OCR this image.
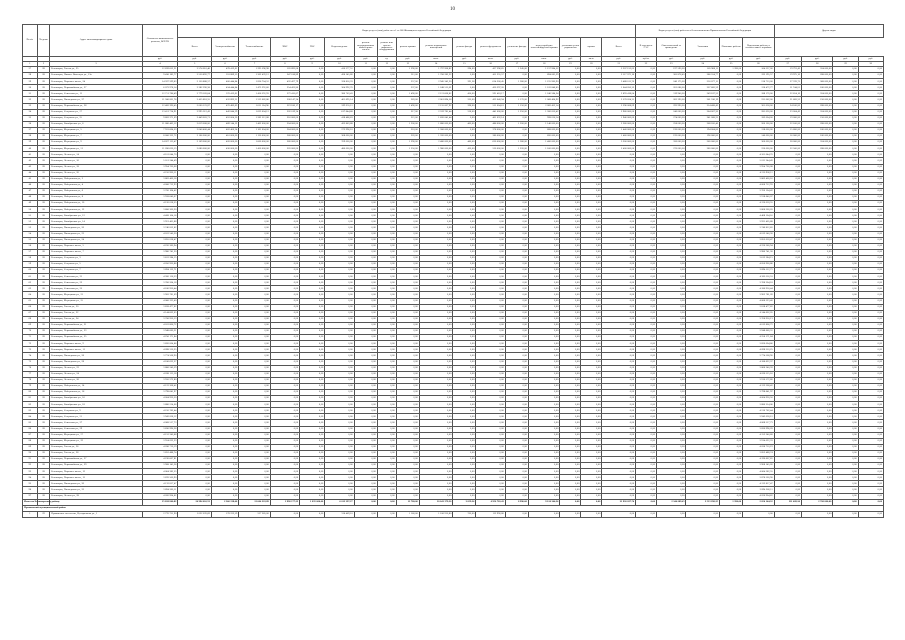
10
№ п/п	№ дома	Адрес многоквартирного дома	Стоимость капитального ремонта, ВСЕГО	Виды услуг и (или) работ по ч.1 ст.166 Жилищного кодекса Российской Федерации																	Виды услуг и (или) работ по п.8 постановления Правительства Российской Федерации					Другие виды			
				Всего	Электроснабжение	Теплоснабжение	ХВС	ГВС	Водоотведение	ремонт внутридомовых инженерных систем	ремонт или замена лифтового оборудования	ремонт крыши	ремонт подвальных помещений	ремонт фасада	ремонт фундамента	утепление фасада	переустройство невентилируемой крыши	установка узлов управления	прочие	Всего	В том числе ГЭС	Ответственный за проведение	Экономия	Плановые работы	Подготовка работы, в соответствии с нормами				
			руб.	руб.	руб.	руб.	руб.	руб.	руб.	руб.	ед.	руб.	кв.м.	руб.	кв.м.	руб.	кв.м.	руб.	кв.м.	руб.	куб.м.	руб.	руб.	руб.	руб.	руб.	руб.	руб.	руб.
1	2	3	4	5	6	7	8	9	10	11	12	13	14	15	16	17	18	19	20	21	22	23	24	25	26	27	28	29	30
27	28	Беломорск, Гоголя ул., 25	12 839 652,21	2 574 010,46	478 412,61	1 295 596,98	120 893,06	0,00	410 377,51	0,00	0,00	1 390,00	1 797 908,82	294,00	437 396,65	1 245,00	1 157 964,52	0,00	0,00	2 207 153,05	0,00	197 590,00	165 968,11	1 390,00	164 337,00	19 791,43	324 000,00	0,00	0,00
28	28	Беломорск, Нижнее Выгозеро ул., 13а	9 436 183,77	2 550 892,77	553 889,55	1 302 476,12	347 016,89	0,00	426 145,80	0,00	0,00	311,00	1 706 282,22	0,00	411 255,57	0,00	894 065,39	0,00	0,00	2 117 372,18	0,00	305 876,45	286 314,77	0,00	193 195,57	19 975,10	288 000,00	0,00	0,00
29	28	Беломорск, Портовое шоссе, 24	14 597 599,63	3 150 888,57	400 444,84	1 826 704,52	432 427,79	0,00	326 816,33	0,00	0,00	257,00	2 945 342,20	391,36	614 200,45	1 380,00	1 215 960,90	0,00	0,00	3 488 011,76	0,00	240 175,00	350 077,15	0,00	216 753,00	27 376,75	368 000,00	0,00	0,00
30	28	Беломорск, Первомайская ул., 27	6 073 978,14	2 382 390,58	434 444,84	1 473 291,60	254 422,80	0,00	304 992,70	0,00	0,00	237,00	1 248 511,62	0,00	430 397,20	0,00	1 102 848,65	0,00	0,00	1 044 050,33	0,00	201 086,00	207 682,59	0,00	126 472,77	11 744,01	180 000,00	0,00	0,00
31	28	Беломорск, Советская ул., 11	12 711 786,49	2 779 183,64	570 412,61	1 456 591,93	372 415,67	0,00	380 763,43	0,00	0,00	1 490,00	2 121 608,62	456,00	591 418,17	0,00	1 240 584,34	0,00	0,00	2 693 418,04	0,00	319 940,00	349 187,52	0,00	188 170,00	22 814,10	324 000,00	0,00	0,00
32	28	Беломорск, Пионерская ул., 37	11 586 001,76	2 455 818,55	432 893,31	1 313 082,86	308 147,24	0,00	401 695,14	0,00	0,00	283,00	2 061 894,58	320,00	433 048,94	1 170,00	1 068 404,92	0,00	0,00	2 578 024,31	0,00	263 390,00	261 536,19	0,00	231 062,00	21 683,53	216 000,00	0,00	0,00
33	28	Беломорск, Первомайская ул., 28	12 482 390,45	3 000 123,87	470 483,63	1 611 104,96	319 180,17	0,00	599 355,11	0,00	0,00	1 490,00	2 155 007,92	398,00	511 004,61	1 150,00	2 082 452,14	0,00	0,00	2 396 008,09	0,00	292 990,00	214 408,43	0,00	301 058,00	24 160,00	288 000,00	0,00	0,00
34	28	Беломорск, Солунина ул., 17	13 411 714,91	2 995 512,43	442 844,39	1 633 004,12	302 019,24	0,00	617 644,68	0,00	0,00	317,00	2 319 781,44	318,00	441 000,00	1 250,00	1 300 050,42	0,00	0,00	2 980 000,00	0,00	240 000,00	264 007,20	0,00	281 030,00	23 004,42	324 000,00	0,00	0,00
35	28	Беломорск, Солунина ул., 15	9 802 371,09	2 449 003,71	452 004,20	1 262 512,88	316 000,00	0,00	418 486,63	0,00	0,00	321,00	1 620 041,44	0,00	401 032,14	0,00	928 016,14	0,00	0,00	1 946 000,00	0,00	274 000,00	241 008,25	0,00	182 004,00	19 000,00	216 000,00	0,00	0,00
36	28	Беломорск, Октябрьская ул., 6	11 080 463,12	2 619 008,00	489 144,12	1 402 000,00	304 000,00	0,00	423 863,88	0,00	0,00	1 200,00	1 880 000,00	400,00	486 000,00	1 200,00	1 146 000,00	0,00	0,00	2 280 000,00	0,00	258 000,00	268 010,40	0,00	200 100,00	22 160,00	288 000,00	0,00	0,00
37	28	Беломорск, Мерецкова ул., 5	7 913 604,53	2 040 400,44	402 400,34	1 101 004,00	264 000,00	0,00	272 996,10	0,00	0,00	218,00	1 306 000,00	0,00	378 000,00	0,00	808 000,00	0,00	0,00	1 440 000,00	0,00	190 000,00	194 004,00	0,00	138 000,00	15 800,00	180 000,00	0,00	0,00
38	28	Беломорск, Мерецкова ул., 7	8 006 332,72	2 106 000,00	410 000,00	1 120 000,00	268 000,00	0,00	308 000,00	0,00	0,00	220,00	1 320 000,00	0,00	380 000,00	0,00	820 000,00	0,00	0,00	1 460 000,00	0,00	192 000,00	196 000,00	0,00	140 000,00	16 000,00	180 000,00	0,00	0,00
39	28	Беломорск, Мерецкова ул., 9	14 027 115,47	3 109 000,00	420 000,00	1 600 000,00	380 000,00	0,00	709 000,00	0,00	0,00	1 390,00	2 480 000,00	460,00	620 000,00	1 380,00	1 400 000,00	0,00	0,00	3 200 000,00	0,00	320 000,00	360 000,00	0,00	300 000,00	28 000,00	324 000,00	0,00	0,00
40	28	Беломорск, Мерецкова ул., 11	11 280 620,15	2 680 000,00	430 000,00	1 450 000,00	320 000,00	0,00	480 000,00	0,00	0,00	1 250,00	1 980 000,00	420,00	520 000,00	1 220,00	1 160 000,00	0,00	0,00	2 400 000,00	0,00	270 000,00	280 000,00	0,00	220 000,00	22 500,00	288 000,00	0,00	0,00
41	28	Беломорск, Лесная ул., 14	4 101 044,70	0,00	0,00	0,00	0,00	0,00	0,00	0,00	0,00	0,00	0,00	0,00	0,00	0,00	0,00	0,00	0,00	0,00	0,00	0,00	0,00	0,00	4 101 044,70	0,00	0,00	0,00	0,00
42	28	Беломорск, Лесная ул., 16	5 011 244,49	0,00	0,00	0,00	0,00	0,00	0,00	0,00	0,00	0,00	0,00	0,00	0,00	0,00	0,00	0,00	0,00	0,00	0,00	0,00	0,00	0,00	5 011 244,49	0,00	0,00	0,00	0,00
43	28	Беломорск, Лесная ул., 18	3 954 700,08	0,00	0,00	0,00	0,00	0,00	0,00	0,00	0,00	0,00	0,00	0,00	0,00	0,00	0,00	0,00	0,00	0,00	0,00	0,00	0,00	0,00	3 954 700,08	0,00	0,00	0,00	0,00
44	28	Беломорск, Лесная ул., 20	4 210 900,11	0,00	0,00	0,00	0,00	0,00	0,00	0,00	0,00	0,00	0,00	0,00	0,00	0,00	0,00	0,00	0,00	0,00	0,00	0,00	0,00	0,00	4 210 900,11	0,00	0,00	0,00	0,00
45	28	Беломорск, Набережная ул., 2	3 862 400,16	0,00	0,00	0,00	0,00	0,00	0,00	0,00	0,00	0,00	0,00	0,00	0,00	0,00	0,00	0,00	0,00	0,00	0,00	0,00	0,00	0,00	3 862 400,16	0,00	0,00	0,00	0,00
46	28	Беломорск, Набережная ул., 4	4 006 712,93	0,00	0,00	0,00	0,00	0,00	0,00	0,00	0,00	0,00	0,00	0,00	0,00	0,00	0,00	0,00	0,00	0,00	0,00	0,00	0,00	0,00	4 006 712,93	0,00	0,00	0,00	0,00
47	28	Беломорск, Набережная ул., 6	3 700 104,42	0,00	0,00	0,00	0,00	0,00	0,00	0,00	0,00	0,00	0,00	0,00	0,00	0,00	0,00	0,00	0,00	0,00	0,00	0,00	0,00	0,00	3 700 104,42	0,00	0,00	0,00	0,00
48	28	Беломорск, Набережная ул., 8	3 918 640,07	0,00	0,00	0,00	0,00	0,00	0,00	0,00	0,00	0,00	0,00	0,00	0,00	0,00	0,00	0,00	0,00	0,00	0,00	0,00	0,00	0,00	3 918 640,07	0,00	0,00	0,00	0,00
49	28	Беломорск, Набережная ул., 10	4 120 018,55	0,00	0,00	0,00	0,00	0,00	0,00	0,00	0,00	0,00	0,00	0,00	0,00	0,00	0,00	0,00	0,00	0,00	0,00	0,00	0,00	0,00	4 120 018,55	0,00	0,00	0,00	0,00
50	28	Беломорск, Набережная ул., 12	3 806 300,20	0,00	0,00	0,00	0,00	0,00	0,00	0,00	0,00	0,00	0,00	0,00	0,00	0,00	0,00	0,00	0,00	0,00	0,00	0,00	0,00	0,00	3 806 300,20	0,00	0,00	0,00	0,00
51	28	Беломорск, Октябрьская ул., 12	4 408 104,16	0,00	0,00	0,00	0,00	0,00	0,00	0,00	0,00	0,00	0,00	0,00	0,00	0,00	0,00	0,00	0,00	0,00	0,00	0,00	0,00	0,00	4 408 104,16	0,00	0,00	0,00	0,00
52	28	Беломорск, Октябрьская ул., 14	3 921 405,88	0,00	0,00	0,00	0,00	0,00	0,00	0,00	0,00	0,00	0,00	0,00	0,00	0,00	0,00	0,00	0,00	0,00	0,00	0,00	0,00	0,00	3 921 405,88	0,00	0,00	0,00	0,00
53	28	Беломорск, Пионерская ул., 20	3 740 812,62	0,00	0,00	0,00	0,00	0,00	0,00	0,00	0,00	0,00	0,00	0,00	0,00	0,00	0,00	0,00	0,00	0,00	0,00	0,00	0,00	0,00	3 740 812,62	0,00	0,00	0,00	0,00
54	28	Беломорск, Пионерская ул., 22	4 012 540,30	0,00	0,00	0,00	0,00	0,00	0,00	0,00	0,00	0,00	0,00	0,00	0,00	0,00	0,00	0,00	0,00	0,00	0,00	0,00	0,00	0,00	4 012 540,30	0,00	0,00	0,00	0,00
55	28	Беломорск, Пионерская ул., 24	3 855 018,47	0,00	0,00	0,00	0,00	0,00	0,00	0,00	0,00	0,00	0,00	0,00	0,00	0,00	0,00	0,00	0,00	0,00	0,00	0,00	0,00	0,00	3 855 018,47	0,00	0,00	0,00	0,00
56	28	Беломорск, Портовое шоссе, 5	4 220 360,94	0,00	0,00	0,00	0,00	0,00	0,00	0,00	0,00	0,00	0,00	0,00	0,00	0,00	0,00	0,00	0,00	0,00	0,00	0,00	0,00	0,00	4 220 360,94	0,00	0,00	0,00	0,00
57	28	Беломорск, Портовое шоссе, 7	3 980 741,30	0,00	0,00	0,00	0,00	0,00	0,00	0,00	0,00	0,00	0,00	0,00	0,00	0,00	0,00	0,00	0,00	0,00	0,00	0,00	0,00	0,00	3 980 741,30	0,00	0,00	0,00	0,00
58	28	Беломорск, Солунина ул., 3	3 612 284,15	0,00	0,00	0,00	0,00	0,00	0,00	0,00	0,00	0,00	0,00	0,00	0,00	0,00	0,00	0,00	0,00	0,00	0,00	0,00	0,00	0,00	3 612 284,15	0,00	0,00	0,00	0,00
59	28	Беломорск, Солунина ул., 5	4 050 900,86	0,00	0,00	0,00	0,00	0,00	0,00	0,00	0,00	0,00	0,00	0,00	0,00	0,00	0,00	0,00	0,00	0,00	0,00	0,00	0,00	0,00	4 050 900,86	0,00	0,00	0,00	0,00
60	28	Беломорск, Солунина ул., 7	3 894 112,71	0,00	0,00	0,00	0,00	0,00	0,00	0,00	0,00	0,00	0,00	0,00	0,00	0,00	0,00	0,00	0,00	0,00	0,00	0,00	0,00	0,00	3 894 112,71	0,00	0,00	0,00	0,00
61	28	Беломорск, Советская ул., 21	4 300 116,53	0,00	0,00	0,00	0,00	0,00	0,00	0,00	0,00	0,00	0,00	0,00	0,00	0,00	0,00	0,00	0,00	0,00	0,00	0,00	0,00	0,00	4 300 116,53	0,00	0,00	0,00	0,00
62	28	Беломорск, Советская ул., 23	3 766 204,18	0,00	0,00	0,00	0,00	0,00	0,00	0,00	0,00	0,00	0,00	0,00	0,00	0,00	0,00	0,00	0,00	0,00	0,00	0,00	0,00	0,00	3 766 204,18	0,00	0,00	0,00	0,00
63	28	Беломорск, Советская ул., 25	4 180 950,44	0,00	0,00	0,00	0,00	0,00	0,00	0,00	0,00	0,00	0,00	0,00	0,00	0,00	0,00	0,00	0,00	0,00	0,00	0,00	0,00	0,00	4 180 950,44	0,00	0,00	0,00	0,00
64	28	Беломорск, Мерецкова ул., 13	3 902 781,09	0,00	0,00	0,00	0,00	0,00	0,00	0,00	0,00	0,00	0,00	0,00	0,00	0,00	0,00	0,00	0,00	0,00	0,00	0,00	0,00	0,00	3 902 781,09	0,00	0,00	0,00	0,00
65	28	Беломорск, Мерецкова ул., 15	4 066 323,40	0,00	0,00	0,00	0,00	0,00	0,00	0,00	0,00	0,00	0,00	0,00	0,00	0,00	0,00	0,00	0,00	0,00	0,00	0,00	0,00	0,00	4 066 323,40	0,00	0,00	0,00	0,00
66	28	Беломорск, Гоголя ул., 30	3 818 477,62	0,00	0,00	0,00	0,00	0,00	0,00	0,00	0,00	0,00	0,00	0,00	0,00	0,00	0,00	0,00	0,00	0,00	0,00	0,00	0,00	0,00	3 818 477,62	0,00	0,00	0,00	0,00
67	28	Беломорск, Гоголя ул., 32	4 144 602,05	0,00	0,00	0,00	0,00	0,00	0,00	0,00	0,00	0,00	0,00	0,00	0,00	0,00	0,00	0,00	0,00	0,00	0,00	0,00	0,00	0,00	4 144 602,05	0,00	0,00	0,00	0,00
68	28	Беломорск, Гоголя ул., 34	3 706 950,13	0,00	0,00	0,00	0,00	0,00	0,00	0,00	0,00	0,00	0,00	0,00	0,00	0,00	0,00	0,00	0,00	0,00	0,00	0,00	0,00	0,00	3 706 950,13	0,00	0,00	0,00	0,00
69	28	Беломорск, Первомайская ул., 31	4 012 806,72	0,00	0,00	0,00	0,00	0,00	0,00	0,00	0,00	0,00	0,00	0,00	0,00	0,00	0,00	0,00	0,00	0,00	0,00	0,00	0,00	0,00	4 012 806,72	0,00	0,00	0,00	0,00
70	28	Беломорск, Первомайская ул., 33	3 948 660,31	0,00	0,00	0,00	0,00	0,00	0,00	0,00	0,00	0,00	0,00	0,00	0,00	0,00	0,00	0,00	0,00	0,00	0,00	0,00	0,00	0,00	3 948 660,31	0,00	0,00	0,00	0,00
71	28	Беломорск, Первомайская ул., 35	4 256 171,84	0,00	0,00	0,00	0,00	0,00	0,00	0,00	0,00	0,00	0,00	0,00	0,00	0,00	0,00	0,00	0,00	0,00	0,00	0,00	0,00	0,00	4 256 171,84	0,00	0,00	0,00	0,00
72	28	Беломорск, Портовое шоссе, 9	3 820 004,66	0,00	0,00	0,00	0,00	0,00	0,00	0,00	0,00	0,00	0,00	0,00	0,00	0,00	0,00	0,00	0,00	0,00	0,00	0,00	0,00	0,00	3 820 004,66	0,00	0,00	0,00	0,00
73	28	Беломорск, Портовое шоссе, 11	4 098 310,25	0,00	0,00	0,00	0,00	0,00	0,00	0,00	0,00	0,00	0,00	0,00	0,00	0,00	0,00	0,00	0,00	0,00	0,00	0,00	0,00	0,00	4 098 310,25	0,00	0,00	0,00	0,00
74	28	Беломорск, Пионерская ул., 26	3 774 508,90	0,00	0,00	0,00	0,00	0,00	0,00	0,00	0,00	0,00	0,00	0,00	0,00	0,00	0,00	0,00	0,00	0,00	0,00	0,00	0,00	0,00	3 774 508,90	0,00	0,00	0,00	0,00
75	28	Беломорск, Пионерская ул., 28	4 186 622,37	0,00	0,00	0,00	0,00	0,00	0,00	0,00	0,00	0,00	0,00	0,00	0,00	0,00	0,00	0,00	0,00	0,00	0,00	0,00	0,00	0,00	4 186 622,37	0,00	0,00	0,00	0,00
76	28	Беломорск, Лесная ул., 22	3 866 240,59	0,00	0,00	0,00	0,00	0,00	0,00	0,00	0,00	0,00	0,00	0,00	0,00	0,00	0,00	0,00	0,00	0,00	0,00	0,00	0,00	0,00	3 866 240,59	0,00	0,00	0,00	0,00
77	28	Беломорск, Лесная ул., 24	4 038 115,16	0,00	0,00	0,00	0,00	0,00	0,00	0,00	0,00	0,00	0,00	0,00	0,00	0,00	0,00	0,00	0,00	0,00	0,00	0,00	0,00	0,00	4 038 115,16	0,00	0,00	0,00	0,00
78	28	Беломорск, Лесная ул., 26	3 910 572,80	0,00	0,00	0,00	0,00	0,00	0,00	0,00	0,00	0,00	0,00	0,00	0,00	0,00	0,00	0,00	0,00	0,00	0,00	0,00	0,00	0,00	3 910 572,80	0,00	0,00	0,00	0,00
79	28	Беломорск, Набережная ул., 14	4 122 308,42	0,00	0,00	0,00	0,00	0,00	0,00	0,00	0,00	0,00	0,00	0,00	0,00	0,00	0,00	0,00	0,00	0,00	0,00	0,00	0,00	0,00	4 122 308,42	0,00	0,00	0,00	0,00
80	28	Беломорск, Набережная ул., 16	3 798 641,97	0,00	0,00	0,00	0,00	0,00	0,00	0,00	0,00	0,00	0,00	0,00	0,00	0,00	0,00	0,00	0,00	0,00	0,00	0,00	0,00	0,00	3 798 641,97	0,00	0,00	0,00	0,00
81	28	Беломорск, Октябрьская ул., 16	4 004 930,50	0,00	0,00	0,00	0,00	0,00	0,00	0,00	0,00	0,00	0,00	0,00	0,00	0,00	0,00	0,00	0,00	0,00	0,00	0,00	0,00	0,00	4 004 930,50	0,00	0,00	0,00	0,00
82	28	Беломорск, Октябрьская ул., 18	3 880 214,06	0,00	0,00	0,00	0,00	0,00	0,00	0,00	0,00	0,00	0,00	0,00	0,00	0,00	0,00	0,00	0,00	0,00	0,00	0,00	0,00	0,00	3 880 214,06	0,00	0,00	0,00	0,00
83	28	Беломорск, Солунина ул., 9	4 210 762,44	0,00	0,00	0,00	0,00	0,00	0,00	0,00	0,00	0,00	0,00	0,00	0,00	0,00	0,00	0,00	0,00	0,00	0,00	0,00	0,00	0,00	4 210 762,44	0,00	0,00	0,00	0,00
84	28	Беломорск, Солунина ул., 11	3 942 038,12	0,00	0,00	0,00	0,00	0,00	0,00	0,00	0,00	0,00	0,00	0,00	0,00	0,00	0,00	0,00	0,00	0,00	0,00	0,00	0,00	0,00	3 942 038,12	0,00	0,00	0,00	0,00
85	28	Беломорск, Советская ул., 27	4 068 517,73	0,00	0,00	0,00	0,00	0,00	0,00	0,00	0,00	0,00	0,00	0,00	0,00	0,00	0,00	0,00	0,00	0,00	0,00	0,00	0,00	0,00	4 068 517,73	0,00	0,00	0,00	0,00
86	28	Беломорск, Советская ул., 29	3 830 996,28	0,00	0,00	0,00	0,00	0,00	0,00	0,00	0,00	0,00	0,00	0,00	0,00	0,00	0,00	0,00	0,00	0,00	0,00	0,00	0,00	0,00	3 830 996,28	0,00	0,00	0,00	0,00
87	28	Беломорск, Мерецкова ул., 17	4 152 340,68	0,00	0,00	0,00	0,00	0,00	0,00	0,00	0,00	0,00	0,00	0,00	0,00	0,00	0,00	0,00	0,00	0,00	0,00	0,00	0,00	0,00	4 152 340,68	0,00	0,00	0,00	0,00
88	28	Беломорск, Мерецкова ул., 19	3 914 022,33	0,00	0,00	0,00	0,00	0,00	0,00	0,00	0,00	0,00	0,00	0,00	0,00	0,00	0,00	0,00	0,00	0,00	0,00	0,00	0,00	0,00	3 914 022,33	0,00	0,00	0,00	0,00
89	28	Беломорск, Гоголя ул., 36	4 036 710,19	0,00	0,00	0,00	0,00	0,00	0,00	0,00	0,00	0,00	0,00	0,00	0,00	0,00	0,00	0,00	0,00	0,00	0,00	0,00	0,00	0,00	4 036 710,19	0,00	0,00	0,00	0,00
90	28	Беломорск, Гоголя ул., 38	3 852 488,74	0,00	0,00	0,00	0,00	0,00	0,00	0,00	0,00	0,00	0,00	0,00	0,00	0,00	0,00	0,00	0,00	0,00	0,00	0,00	0,00	0,00	3 852 488,74	0,00	0,00	0,00	0,00
91	28	Беломорск, Первомайская ул., 37	4 190 607,81	0,00	0,00	0,00	0,00	0,00	0,00	0,00	0,00	0,00	0,00	0,00	0,00	0,00	0,00	0,00	0,00	0,00	0,00	0,00	0,00	0,00	4 190 607,81	0,00	0,00	0,00	0,00
92	28	Беломорск, Первомайская ул., 39	3 908 145,26	0,00	0,00	0,00	0,00	0,00	0,00	0,00	0,00	0,00	0,00	0,00	0,00	0,00	0,00	0,00	0,00	0,00	0,00	0,00	0,00	0,00	3 908 145,26	0,00	0,00	0,00	0,00
93	28	Беломорск, Портовое шоссе, 13	4 064 382,55	0,00	0,00	0,00	0,00	0,00	0,00	0,00	0,00	0,00	0,00	0,00	0,00	0,00	0,00	0,00	0,00	0,00	0,00	0,00	0,00	0,00	4 064 382,55	0,00	0,00	0,00	0,00
94	28	Беломорск, Портовое шоссе, 15	3 876 500,90	0,00	0,00	0,00	0,00	0,00	0,00	0,00	0,00	0,00	0,00	0,00	0,00	0,00	0,00	0,00	0,00	0,00	0,00	0,00	0,00	0,00	3 876 500,90	0,00	0,00	0,00	0,00
95	28	Беломорск, Пионерская ул., 30	4 132 817,47	0,00	0,00	0,00	0,00	0,00	0,00	0,00	0,00	0,00	0,00	0,00	0,00	0,00	0,00	0,00	0,00	0,00	0,00	0,00	0,00	0,00	4 132 817,47	0,00	0,00	0,00	0,00
96	28	Беломорск, Пионерская ул., 32	3 894 260,11	0,00	0,00	0,00	0,00	0,00	0,00	0,00	0,00	0,00	0,00	0,00	0,00	0,00	0,00	0,00	0,00	0,00	0,00	0,00	0,00	0,00	3 894 260,11	0,00	0,00	0,00	0,00
97	28	Беломорск, Лесная ул., 28	4 020 904,62	0,00	0,00	0,00	0,00	0,00	0,00	0,00	0,00	0,00	0,00	0,00	0,00	0,00	0,00	0,00	0,00	0,00	0,00	0,00	0,00	0,00	4 020 904,62	0,00	0,00	0,00	0,00
Итого по Беломорскому району			25 818 840,82	24 994 010,53	2 360 138,60	12 604 322,89	2 990 177,22	1 835 000,00	6 012 397,27	0,00	0,00	12 780,00	20 041 379,20	3 059,36	4 950 781,43	8 996,00	9 124 346,26	0,00	0,00	21 930 037,76	0,00	2 344 089,45	2 513 290,35	1 390,00	2 056 164,32	211 409,34	2 700 000,00	0,00	0,00
Пряжинский муниципальный район																													
1	29	Пряжинское поселение, Центральная ул., 1	2 770 751,90	1 022 076,69	178 222,59	527 385,00	0,00	0,00	316 469,10	0,00	0,00	1 160,00	1 106 910,80	700,00	112 990,80	0,00	0,00	0,00	0,00	0,00	0,00	0,00	0,00	0,00	0,00	0,00	0,00	0,00	0,00
